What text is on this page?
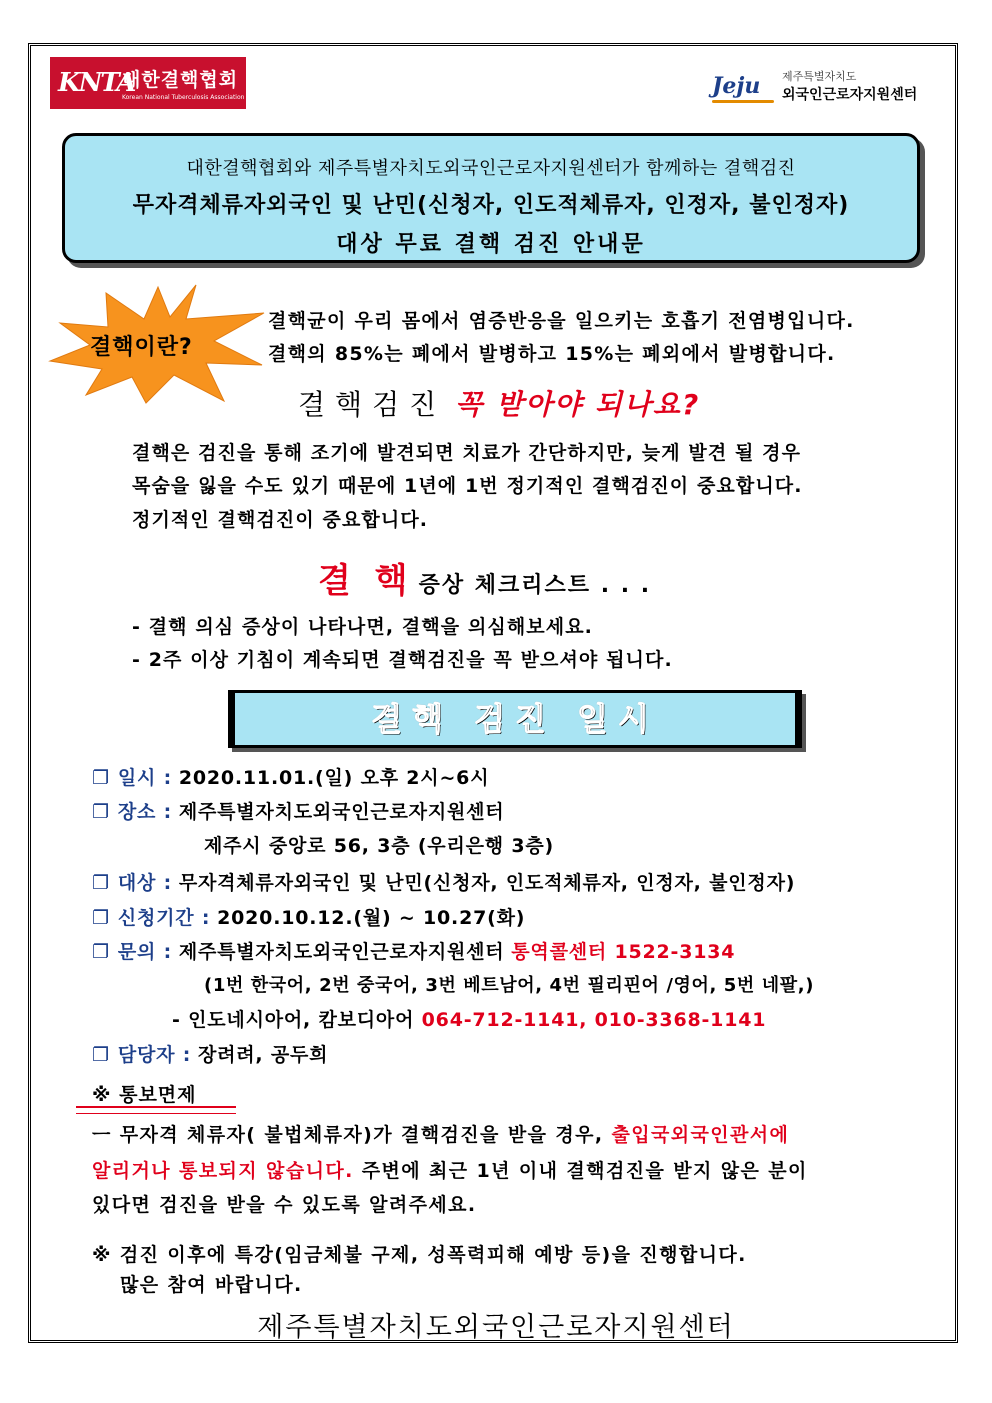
KNTA
대한결핵협회
Korean National Tuberculosis Association	Jeju	제주특별자치도
외국인근로자지원센터
대한결핵협회와 제주특별자치도외국인근로자지원센터가 함께하는 결핵검진
무자격체류자외국인 및 난민(신청자, 인도적체류자, 인정자, 불인정자)
대상 무료 결핵 검진 안내문
결핵이란?
결핵균이 우리 몸에서 염증반응을 일으키는 호흡기 전염병입니다.
결핵의 85%는 폐에서 발병하고 15%는 폐외에서 발병합니다.
결핵검진 꼭 받아야 되나요?
결핵은 검진을 통해 조기에 발견되면 치료가 간단하지만, 늦게 발견 될 경우
목숨을 잃을 수도 있기 때문에 1년에 1번 정기적인 결핵검진이 중요합니다.
정기적인 결핵검진이 중요합니다.
결 핵 증상 체크리스트 . . .
- 결핵 의심 증상이 나타나면, 결핵을 의심해보세요.
- 2주 이상 기침이 계속되면 결핵검진을 꼭 받으셔야 됩니다.
결핵 검진 일시
❐ 일시 : 2020.11.01.(일) 오후 2시~6시
❐ 장소 : 제주특별자치도외국인근로자지원센터
제주시 중앙로 56, 3층 (우리은행 3층)
❐ 대상 : 무자격체류자외국인 및 난민(신청자, 인도적체류자, 인정자, 불인정자)
❐ 신청기간 : 2020.10.12.(월) ~ 10.27(화)
❐ 문의 : 제주특별자치도외국인근로자지원센터 통역콜센터 1522-3134
(1번 한국어, 2번 중국어, 3번 베트남어, 4번 필리핀어 /영어, 5번 네팔,)
- 인도네시아어, 캄보디아어 064-712-1141, 010-3368-1141
❐ 담당자 : 장려려, 공두희
※ 통보면제
ㅡ 무자격 체류자( 불법체류자)가 결핵검진을 받을 경우, 출입국외국인관서에
알리거나 통보되지 않습니다. 주변에 최근 1년 이내 결핵검진을 받지 않은 분이
있다면 검진을 받을 수 있도록 알려주세요.
※ 검진 이후에 특강(임금체불 구제, 성폭력피해 예방 등)을 진행합니다.
많은 참여 바랍니다.
제주특별자치도외국인근로자지원센터
